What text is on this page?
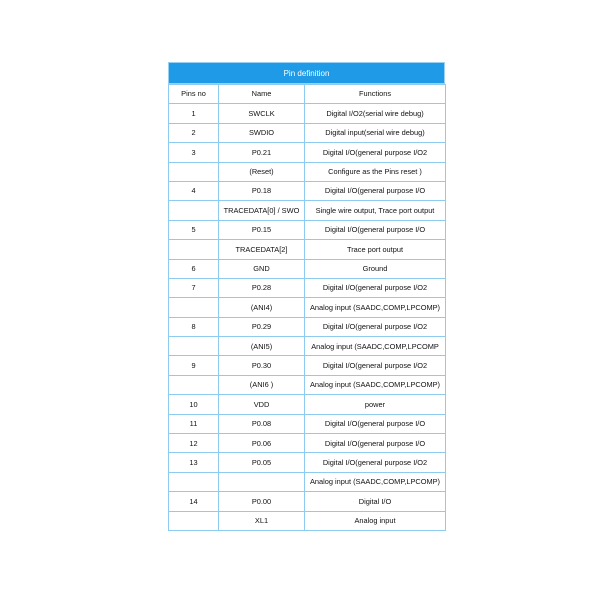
Pin definition
Pins no	Name	Functions
1	SWCLK	Digital I/O2(serial wire debug)
2	SWDIO	Digital input(serial wire debug)
3	P0.21	Digital I/O(general purpose I/O2
	(Reset)	Configure as the Pins reset )
4	P0.18	Digital I/O(general purpose I/O
	TRACEDATA[0] / SWO	Single wire output, Trace port output
5	P0.15	Digital I/O(general purpose I/O
	TRACEDATA[2]	Trace port output
6	GND	Ground
7	P0.28	Digital I/O(general purpose I/O2
	(ANI4)	Analog input (SAADC,COMP,LPCOMP)
8	P0.29	Digital I/O(general purpose I/O2
	(ANI5)	Analog input (SAADC,COMP,LPCOMP
9	P0.30	Digital I/O(general purpose I/O2
	(ANI6 )	Analog input (SAADC,COMP,LPCOMP)
10	VDD	power
11	P0.08	Digital I/O(general purpose I/O
12	P0.06	Digital I/O(general purpose I/O
13	P0.05	Digital I/O(general purpose I/O2
		Analog input (SAADC,COMP,LPCOMP)
14	P0.00	Digital I/O
	XL1	Analog input
